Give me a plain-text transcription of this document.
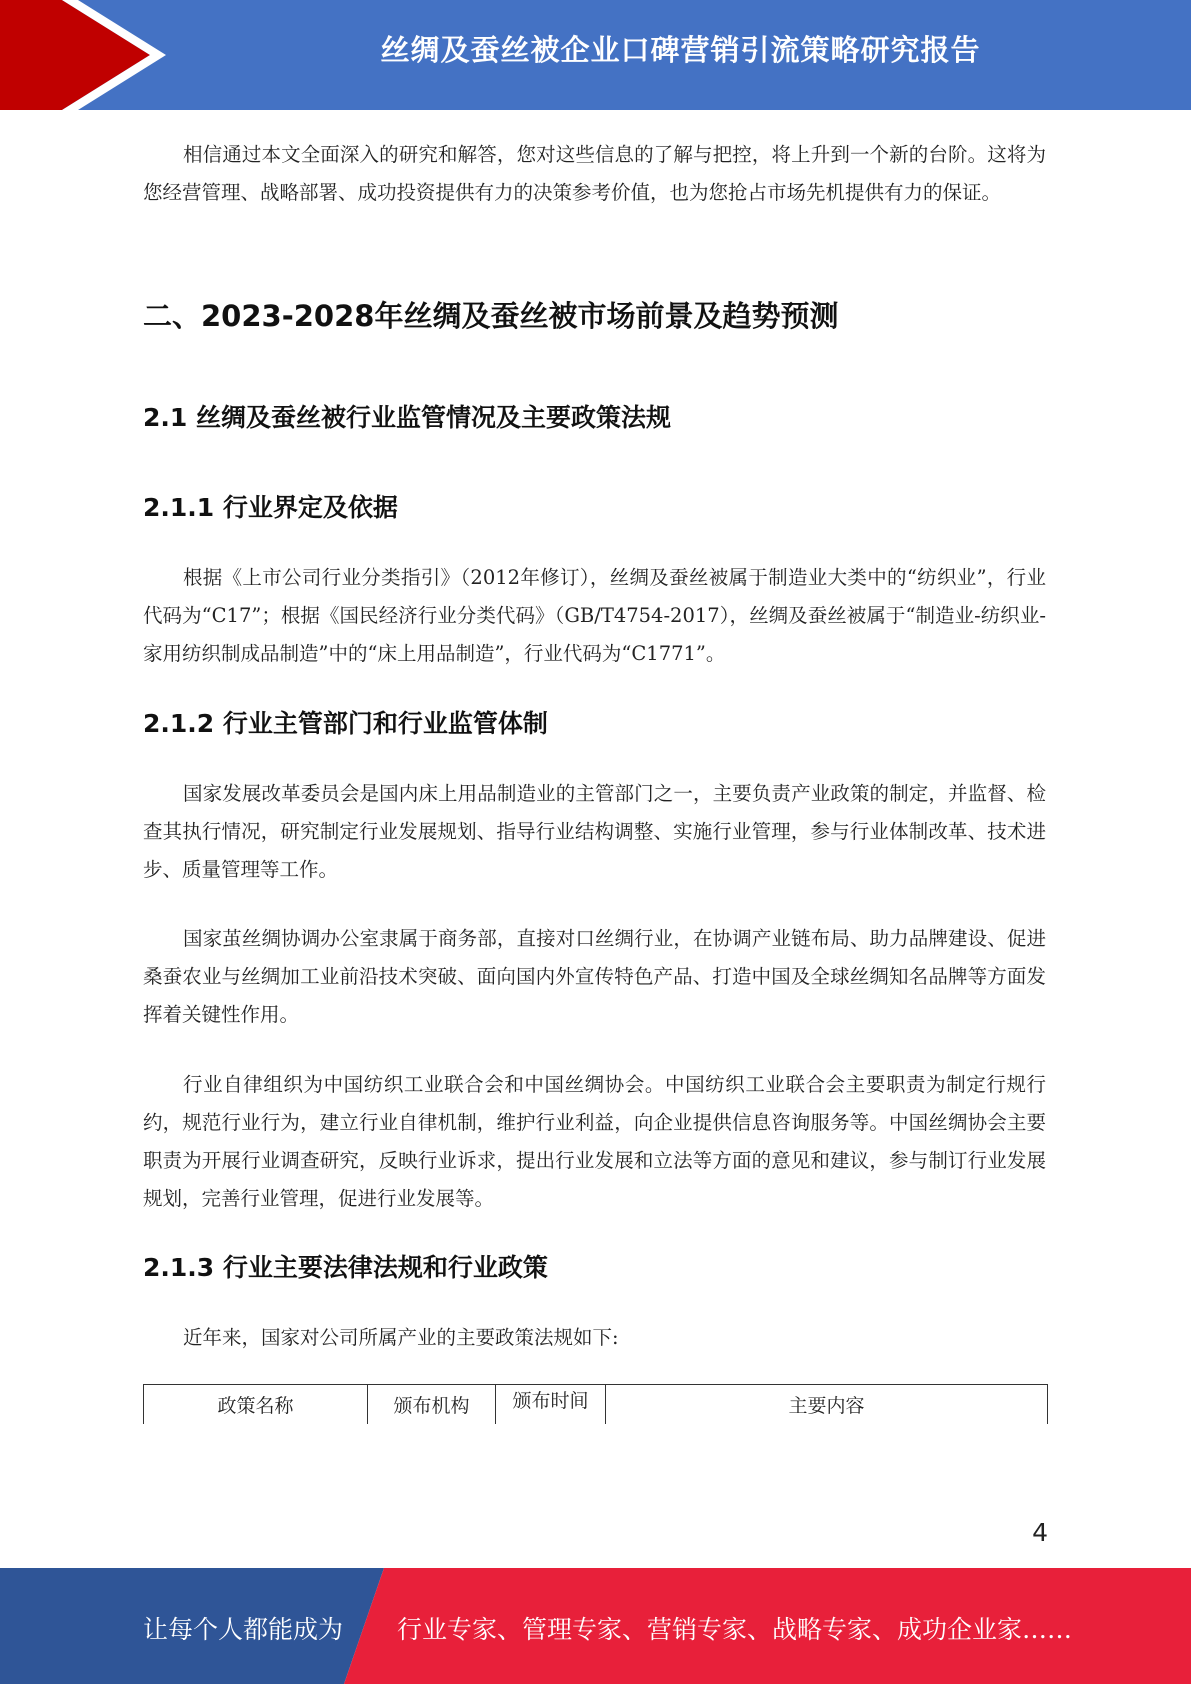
丝绸及蚕丝被企业口碑营销引流策略研究报告

相信通过本文全面深入的研究和解答，您对这些信息的了解与把控，将上升到一个新的台阶。这将为您经营管理、战略部署、成功投资提供有力的决策参考价值，也为您抢占市场先机提供有力的保证。

二、2023-2028年丝绸及蚕丝被市场前景及趋势预测
2.1 丝绸及蚕丝被行业监管情况及主要政策法规
2.1.1 行业界定及依据

根据《上市公司行业分类指引》（2012年修订），丝绸及蚕丝被属于制造业大类中的“纺织业”，行业代码为“C17”；根据《国民经济行业分类代码》（GB/T4754-2017），丝绸及蚕丝被属于“制造业-纺织业-家用纺织制成品制造”中的“床上用品制造”，行业代码为“C1771”。

2.1.2 行业主管部门和行业监管体制

国家发展改革委员会是国内床上用品制造业的主管部门之一，主要负责产业政策的制定，并监督、检查其执行情况，研究制定行业发展规划、指导行业结构调整、实施行业管理，参与行业体制改革、技术进步、质量管理等工作。

国家茧丝绸协调办公室隶属于商务部，直接对口丝绸行业，在协调产业链布局、助力品牌建设、促进桑蚕农业与丝绸加工业前沿技术突破、面向国内外宣传特色产品、打造中国及全球丝绸知名品牌等方面发挥着关键性作用。

行业自律组织为中国纺织工业联合会和中国丝绸协会。中国纺织工业联合会主要职责为制定行规行约，规范行业行为，建立行业自律机制，维护行业利益，向企业提供信息咨询服务等。中国丝绸协会主要职责为开展行业调查研究，反映行业诉求，提出行业发展和立法等方面的意见和建议，参与制订行业发展规划，完善行业管理，促进行业发展等。

2.1.3 行业主要法律法规和行业政策

近年来，国家对公司所属产业的主要政策法规如下:

政策名称	颁布机构	颁布时间	主要内容
4
让每个人都能成为 行业专家、管理专家、营销专家、战略专家、成功企业家……
